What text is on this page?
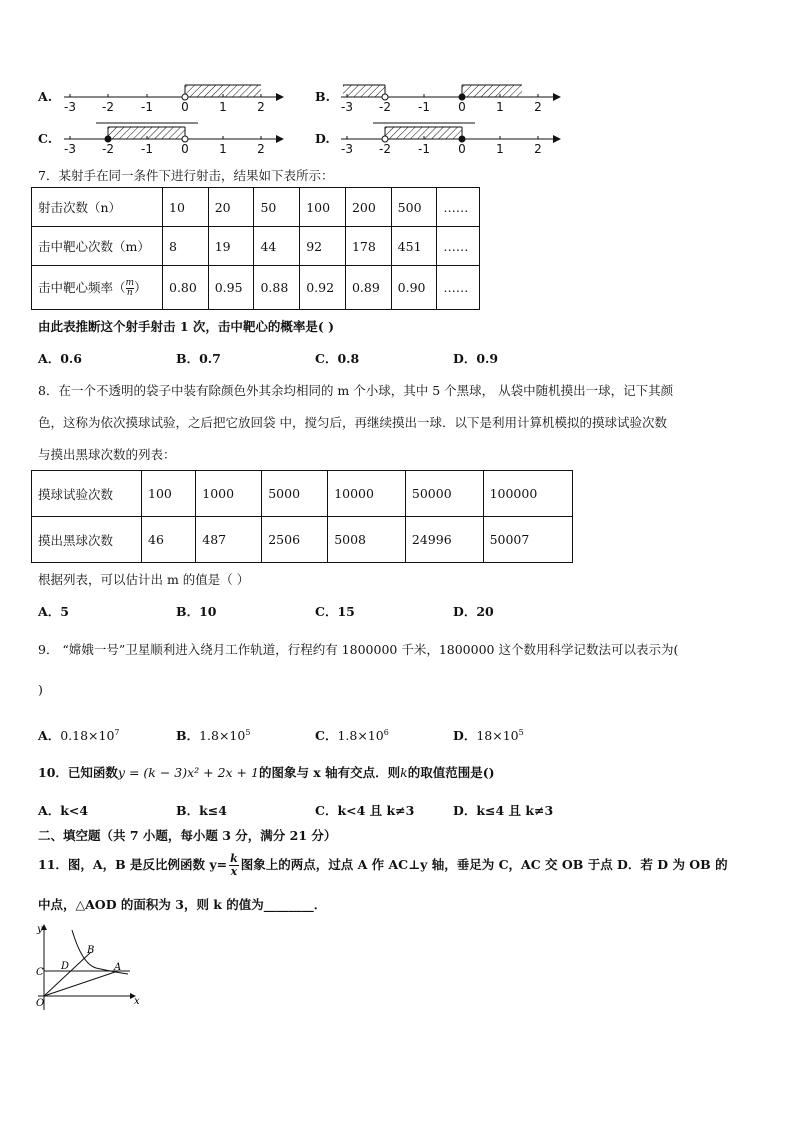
A.
-3 -2 -1 0	1	2
B.
-3 -2 -1 0	1	2
C.
-3 -2 -1 0	1	2
D.
-3 -2 -1 0	1	2
7．某射手在同一条件下进行射击，结果如下表所示：
射击次数（n）	10	20	50	100	200	500	……
击中靶心次数（m）	8	19	44	92	178	451	……
击中靶心频率（ $\frac{m}{n}$ ）	0.80	0.95	0.88	0.92	0.89	0.90	……
由此表推断这个射手射击 1 次，击中靶心的概率是( )
A．0.6	B．0.7	C．0.8	D．0.9
8．在一个不透明的袋子中装有除颜色外其余均相同的 m 个小球，其中 5 个黑球， 从袋中随机摸出一球，记下其颜
色，这称为依次摸球试验，之后把它放回袋 中，搅匀后，再继续摸出一球．以下是利用计算机模拟的摸球试验次数
与摸出黑球次数的列表：
摸球试验次数	100	1000	5000	10000	50000	100000
摸出黑球次数	46	487	2506	5008	24996	50007
根据列表，可以估计出 m 的值是（ ）
A．5	B．10	C．15	D．20
9． “嫦娥一号”卫星顺利进入绕月工作轨道，行程约有 1800000 千米，1800000 这个数用科学记数法可以表示为(
)
A．$0.18\times 10^7$	B．$1.8\times 10^5$	C．$1.8\times 10^6$	D．$18\times 10^5$
10．已知函数y = (k − 3)x² + 2x + 1的图象与 x 轴有交点．则k的取值范围是()
A．k<4	B．k≤4	C．k<4 且 k≠3	D．k≤4 且 k≠3
二、填空题（共 7 小题，每小题 3 分，满分 21 分）
11．图，A，B 是反比例函数 $y= \frac{k}{x}$ 图象上的两点，过点 A 作 AC⊥y 轴，垂足为 C，AC 交 OB 于点 D．若 D 为 OB 的
中点，△AOD 的面积为 3，则 k 的值为________．
y
x
O
C
D
B
A
